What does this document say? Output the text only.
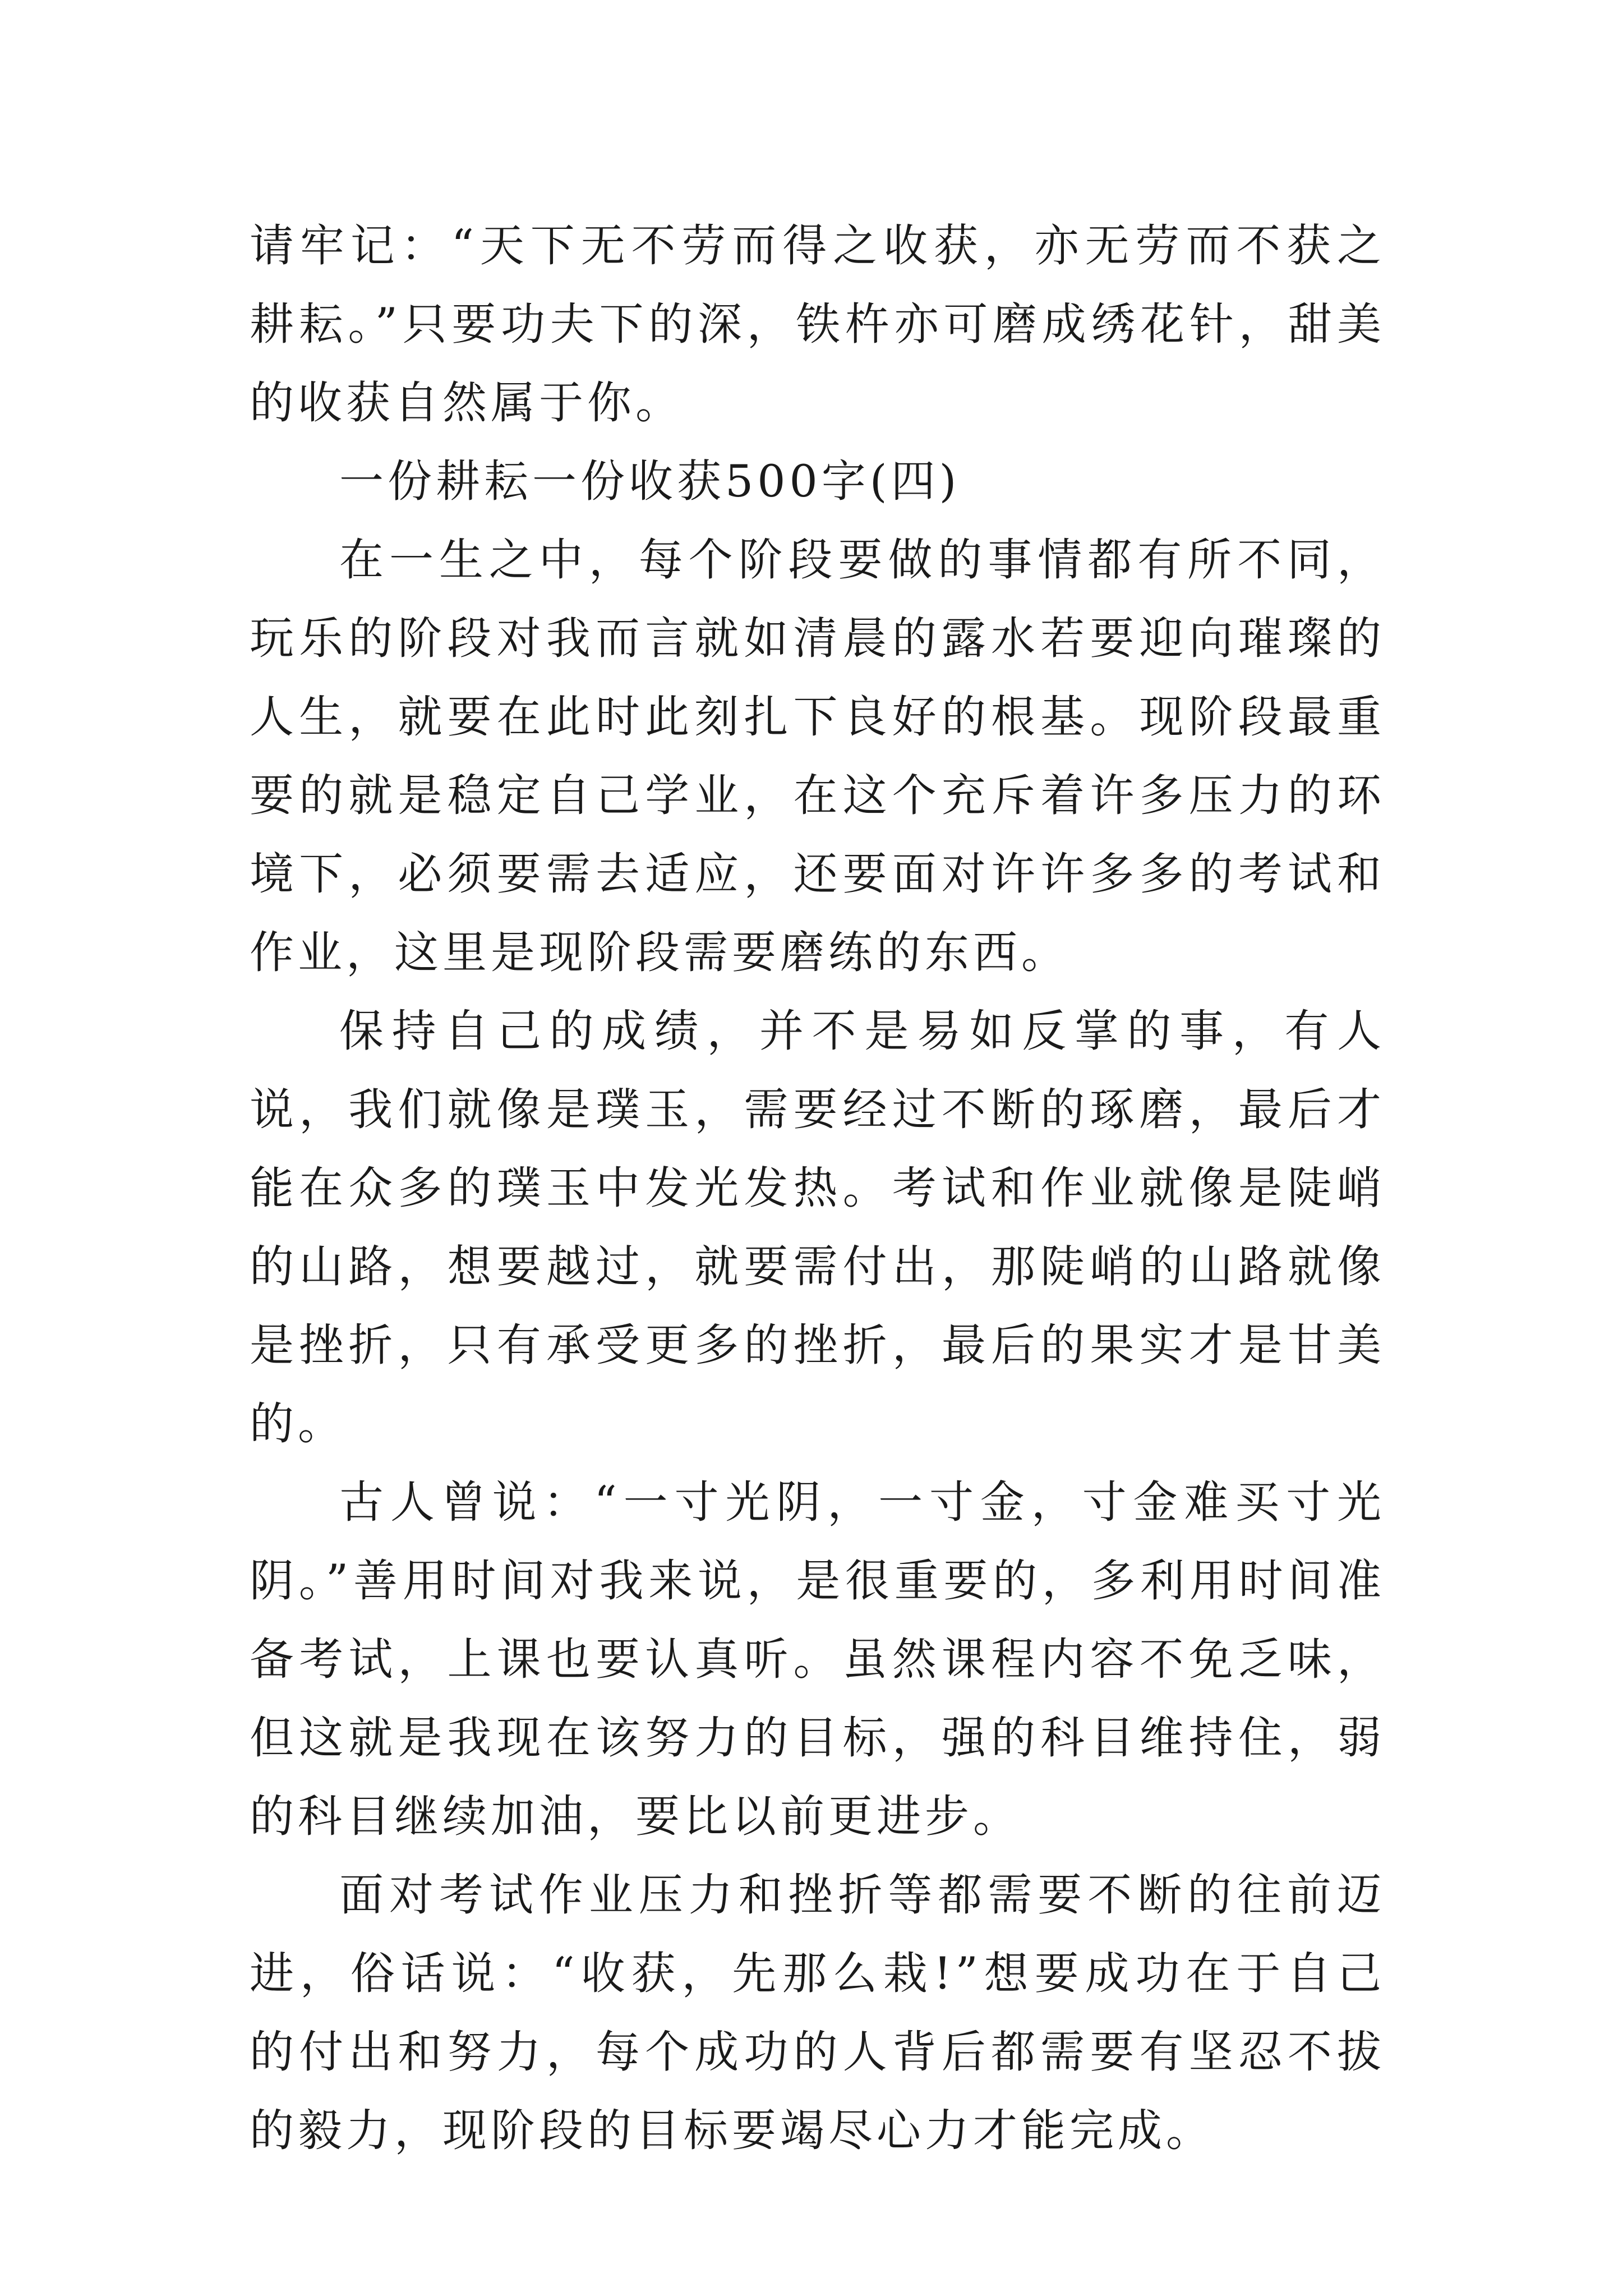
请牢记：“天下无不劳而得之收获，亦无劳而不获之耕耘。”只要功夫下的深，铁杵亦可磨成绣花针，甜美的收获自然属于你。

一份耕耘一份收获500字(四)

在一生之中，每个阶段要做的事情都有所不同，玩乐的阶段对我而言就如清晨的露水若要迎向璀璨的人生，就要在此时此刻扎下良好的根基。现阶段最重要的就是稳定自己学业，在这个充斥着许多压力的环境下，必须要需去适应，还要面对许许多多的考试和作业，这里是现阶段需要磨练的东西。

保持自己的成绩，并不是易如反掌的事，有人说，我们就像是璞玉，需要经过不断的琢磨，最后才能在众多的璞玉中发光发热。考试和作业就像是陡峭的山路，想要越过，就要需付出，那陡峭的山路就像是挫折，只有承受更多的挫折，最后的果实才是甘美的。

古人曾说：“一寸光阴，一寸金，寸金难买寸光阴。”善用时间对我来说，是很重要的，多利用时间准备考试，上课也要认真听。虽然课程内容不免乏味，但这就是我现在该努力的目标，强的科目维持住，弱的科目继续加油，要比以前更进步。

面对考试作业压力和挫折等都需要不断的往前迈进，俗话说：“收获，先那么栽!”想要成功在于自己的付出和努力，每个成功的人背后都需要有坚忍不拔的毅力，现阶段的目标要竭尽心力才能完成。
